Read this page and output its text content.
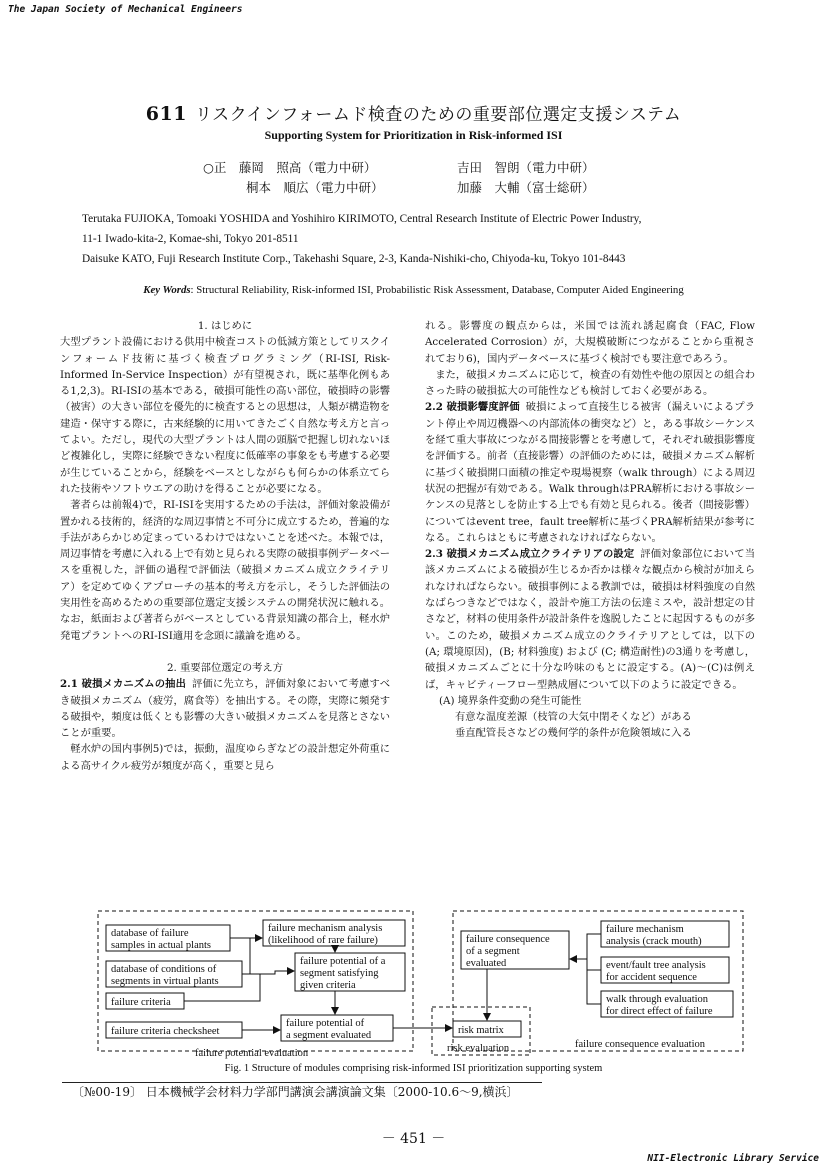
The Japan Society of Mechanical Engineers
611 リスクインフォームド検査のための重要部位選定支援システム
Supporting System for Prioritization in Risk-informed ISI
○正　藤岡　照高（電力中研）	吉田　智朗（電力中研）
桐本　順広（電力中研）	加藤　大輔（富士総研）
Terutaka FUJIOKA, Tomoaki YOSHIDA and Yoshihiro KIRIMOTO, Central Research Institute of Electric Power Industry,
11-1 Iwado-kita-2, Komae-shi, Tokyo 201-8511
Daisuke KATO, Fuji Research Institute Corp., Takehashi Square, 2-3, Kanda-Nishiki-cho, Chiyoda-ku, Tokyo 101-8443
Key Words: Structural Reliability, Risk-informed ISI, Probabilistic Risk Assessment, Database, Computer Aided Engineering

1. はじめに

大型プラント設備における供用中検査コストの低減方策としてリスクインフォームド技術に基づく検査プログラミング（RI-ISI, Risk-Informed In-Service Inspection）が有望視され，既に基準化例もある1,2,3)。RI-ISIの基本である，破損可能性の高い部位，破損時の影響（被害）の大きい部位を優先的に検査するとの思想は，人類が構造物を建造・保守する際に，古来経験的に用いてきたごく自然な考え方と言ってよい。ただし，現代の大型プラントは人間の頭脳で把握し切れないほど複雑化し，実際に経験できない程度に低確率の事象をも考慮する必要が生じていることから，経験をベースとしながらも何らかの体系立てられた技術やソフトウエアの助けを得ることが必要になる。

著者らは前報4)で，RI-ISIを実用するための手法は，評価対象設備が置かれる技術的，経済的な周辺事情と不可分に成立するため，普遍的な手法があらかじめ定まっているわけではないことを述べた。本報では，周辺事情を考慮に入れる上で有効と見られる実際の破損事例データベースを重視した，評価の過程で評価法（破損メカニズム成立クライテリア）を定めてゆくアプローチの基本的考え方を示し，そうした評価法の実用性を高めるための重要部位選定支援システムの開発状況に触れる。なお，紙面および著者らがベースとしている背景知識の都合上，軽水炉発電プラントへのRI-ISI適用を念頭に議論を進める。

2. 重要部位選定の考え方

2.1 破損メカニズムの抽出 評価に先立ち，評価対象において考慮すべき破損メカニズム（疲労，腐食等）を抽出する。その際，実際に頻発する破損や，頻度は低くとも影響の大きい破損メカニズムを見落とさないことが重要。

軽水炉の国内事例5)では，振動，温度ゆらぎなどの設計想定外荷重による高サイクル疲労が頻度が高く，重要と見ら

れる。影響度の観点からは，米国では流れ誘起腐食（FAC, Flow Accelerated Corrosion）が，大規模破断につながることから重視されており6)，国内データベースに基づく検討でも要注意であろう。

また，破損メカニズムに応じて，検査の有効性や他の原因との組合わさった時の破損拡大の可能性なども検討しておく必要がある。

2.2 破損影響度評価 破損によって直接生じる被害（漏えいによるプラント停止や周辺機器への内部流体の衝突など）と，ある事故シーケンスを経て重大事故につながる間接影響とを考慮して，それぞれ破損影響度を評価する。前者（直接影響）の評価のためには，破損メカニズム解析に基づく破損開口面積の推定や現場視察（walk through）による周辺状況の把握が有効である。Walk throughはPRA解析における事故シーケンスの見落としを防止する上でも有効と見られる。後者（間接影響）についてはevent tree，fault tree解析に基づくPRA解析結果が参考になる。これらはともに考慮されなければならない。

2.3 破損メカニズム成立クライテリアの設定 評価対象部位において当該メカニズムによる破損が生じるか否かは様々な観点から検討が加えられなければならない。破損事例による教訓では，破損は材料強度の自然なばらつきなどではなく，設計や施工方法の伝達ミスや，設計想定の甘さなど，材料の使用条件が設計条件を逸脱したことに起因するものが多い。このため，破損メカニズム成立のクライテリアとしては，以下の(A; 環境原因)，(B; 材料強度) および (C; 構造耐性)の3通りを考慮し，破損メカニズムごとに十分な吟味のもとに設定する。(A)〜(C)は例えば，キャビティーフロー型熱成層について以下のように設定できる。

(A) 境界条件変動の発生可能性

有意な温度差源（枝管の大気中閉そくなど）がある

垂直配管長さなどの幾何学的条件が危険領域に入る

database of failure
samples in actual plants
database of conditions of
segments in virtual plants
failure criteria
failure criteria checksheet
failure mechanism analysis
(likelihood of rare failure)
failure potential of a
segment satisfying
given criteria
failure potential of
a segment evaluated
failure potential evaluation
risk matrix
risk evaluation
failure consequence
of a segment
evaluated
failure mechanism
analysis (crack mouth)
event/fault tree analysis
for accident sequence
walk through evaluation
for direct effect of failure
failure consequence evaluation
Fig. 1 Structure of modules comprising risk-informed ISI prioritization supporting system
〔№00-19〕 日本機械学会材料力学部門講演会講演論文集〔2000-10.6～9,横浜〕
－ 451 －
NII-Electronic Library Service
